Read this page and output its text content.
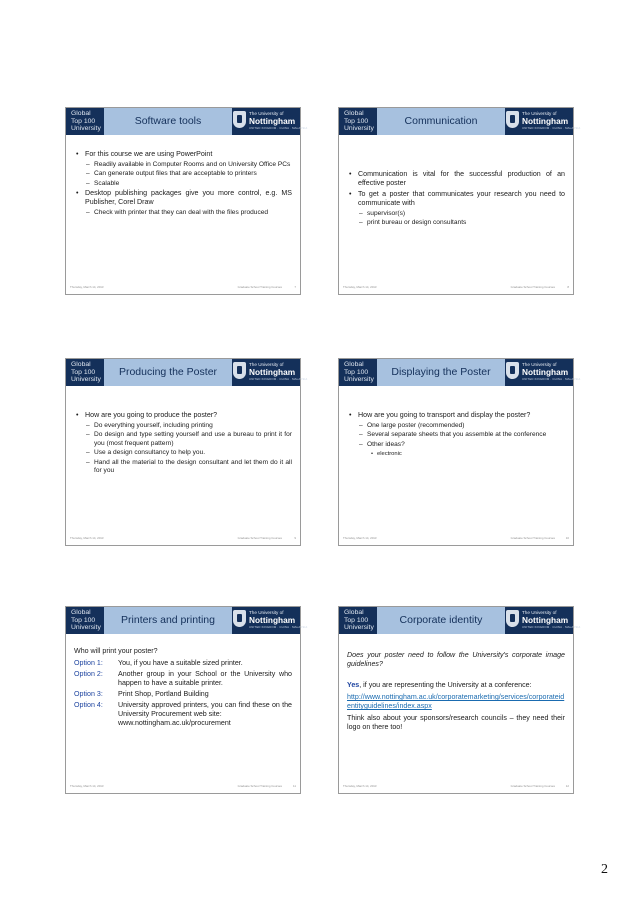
Global
Top 100
University
Software tools
The University of
Nottingham
UNITED KINGDOM · CHINA · MALAYSIA
• For this course we are using PowerPoint
– Readily available in Computer Rooms and on University Office PCs
– Can generate output files that are acceptable to printers
– Scalable
• Desktop publishing packages give you more control, e.g. MS Publisher, Corel Draw
– Check with printer that they can deal with the files produced
Thursday, March 14, 2013	Graduate School Training Courses	7
Global
Top 100
University
Communication
The University of
Nottingham
UNITED KINGDOM · CHINA · MALAYSIA
• Communication is vital for the successful production of an effective poster
• To get a poster that communicates your research you need to communicate with
– supervisor(s)
– print bureau or design consultants
Thursday, March 14, 2013	Graduate School Training Courses	8
Global
Top 100
University
Producing the Poster
The University of
Nottingham
UNITED KINGDOM · CHINA · MALAYSIA
• How are you going to produce the poster?
– Do everything yourself, including printing
– Do design and type setting yourself and use a bureau to print it for you (most frequent pattern)
– Use a design consultancy to help you.
– Hand all the material to the design consultant and let them do it all for you
Thursday, March 14, 2013	Graduate School Training Courses	9
Global
Top 100
University
Displaying the Poster
The University of
Nottingham
UNITED KINGDOM · CHINA · MALAYSIA
• How are you going to transport and display the poster?
– One large poster (recommended)
– Several separate sheets that you assemble at the conference
– Other ideas?
• electronic
Thursday, March 14, 2013	Graduate School Training Courses	10
Global
Top 100
University
Printers and printing
The University of
Nottingham
UNITED KINGDOM · CHINA · MALAYSIA
Who will print your poster?
Option 1: You, if you have a suitable sized printer.
Option 2: Another group in your School or the University who happen to have a suitable printer.
Option 3: Print Shop, Portland Building
Option 4: University approved printers, you can find these on the University Procurement web site:
www.nottingham.ac.uk/procurement
Thursday, March 14, 2013	Graduate School Training Courses	11
Global
Top 100
University
Corporate identity
The University of
Nottingham
UNITED KINGDOM · CHINA · MALAYSIA
Does your poster need to follow the University's corporate image guidelines?
Yes, if you are representing the University at a conference:
http://www.nottingham.ac.uk/corporatemarketing/services/corporateidentityguidelines/index.aspx
Think also about your sponsors/research councils – they need their logo on there too!
Thursday, March 14, 2013	Graduate School Training Courses	12
2
